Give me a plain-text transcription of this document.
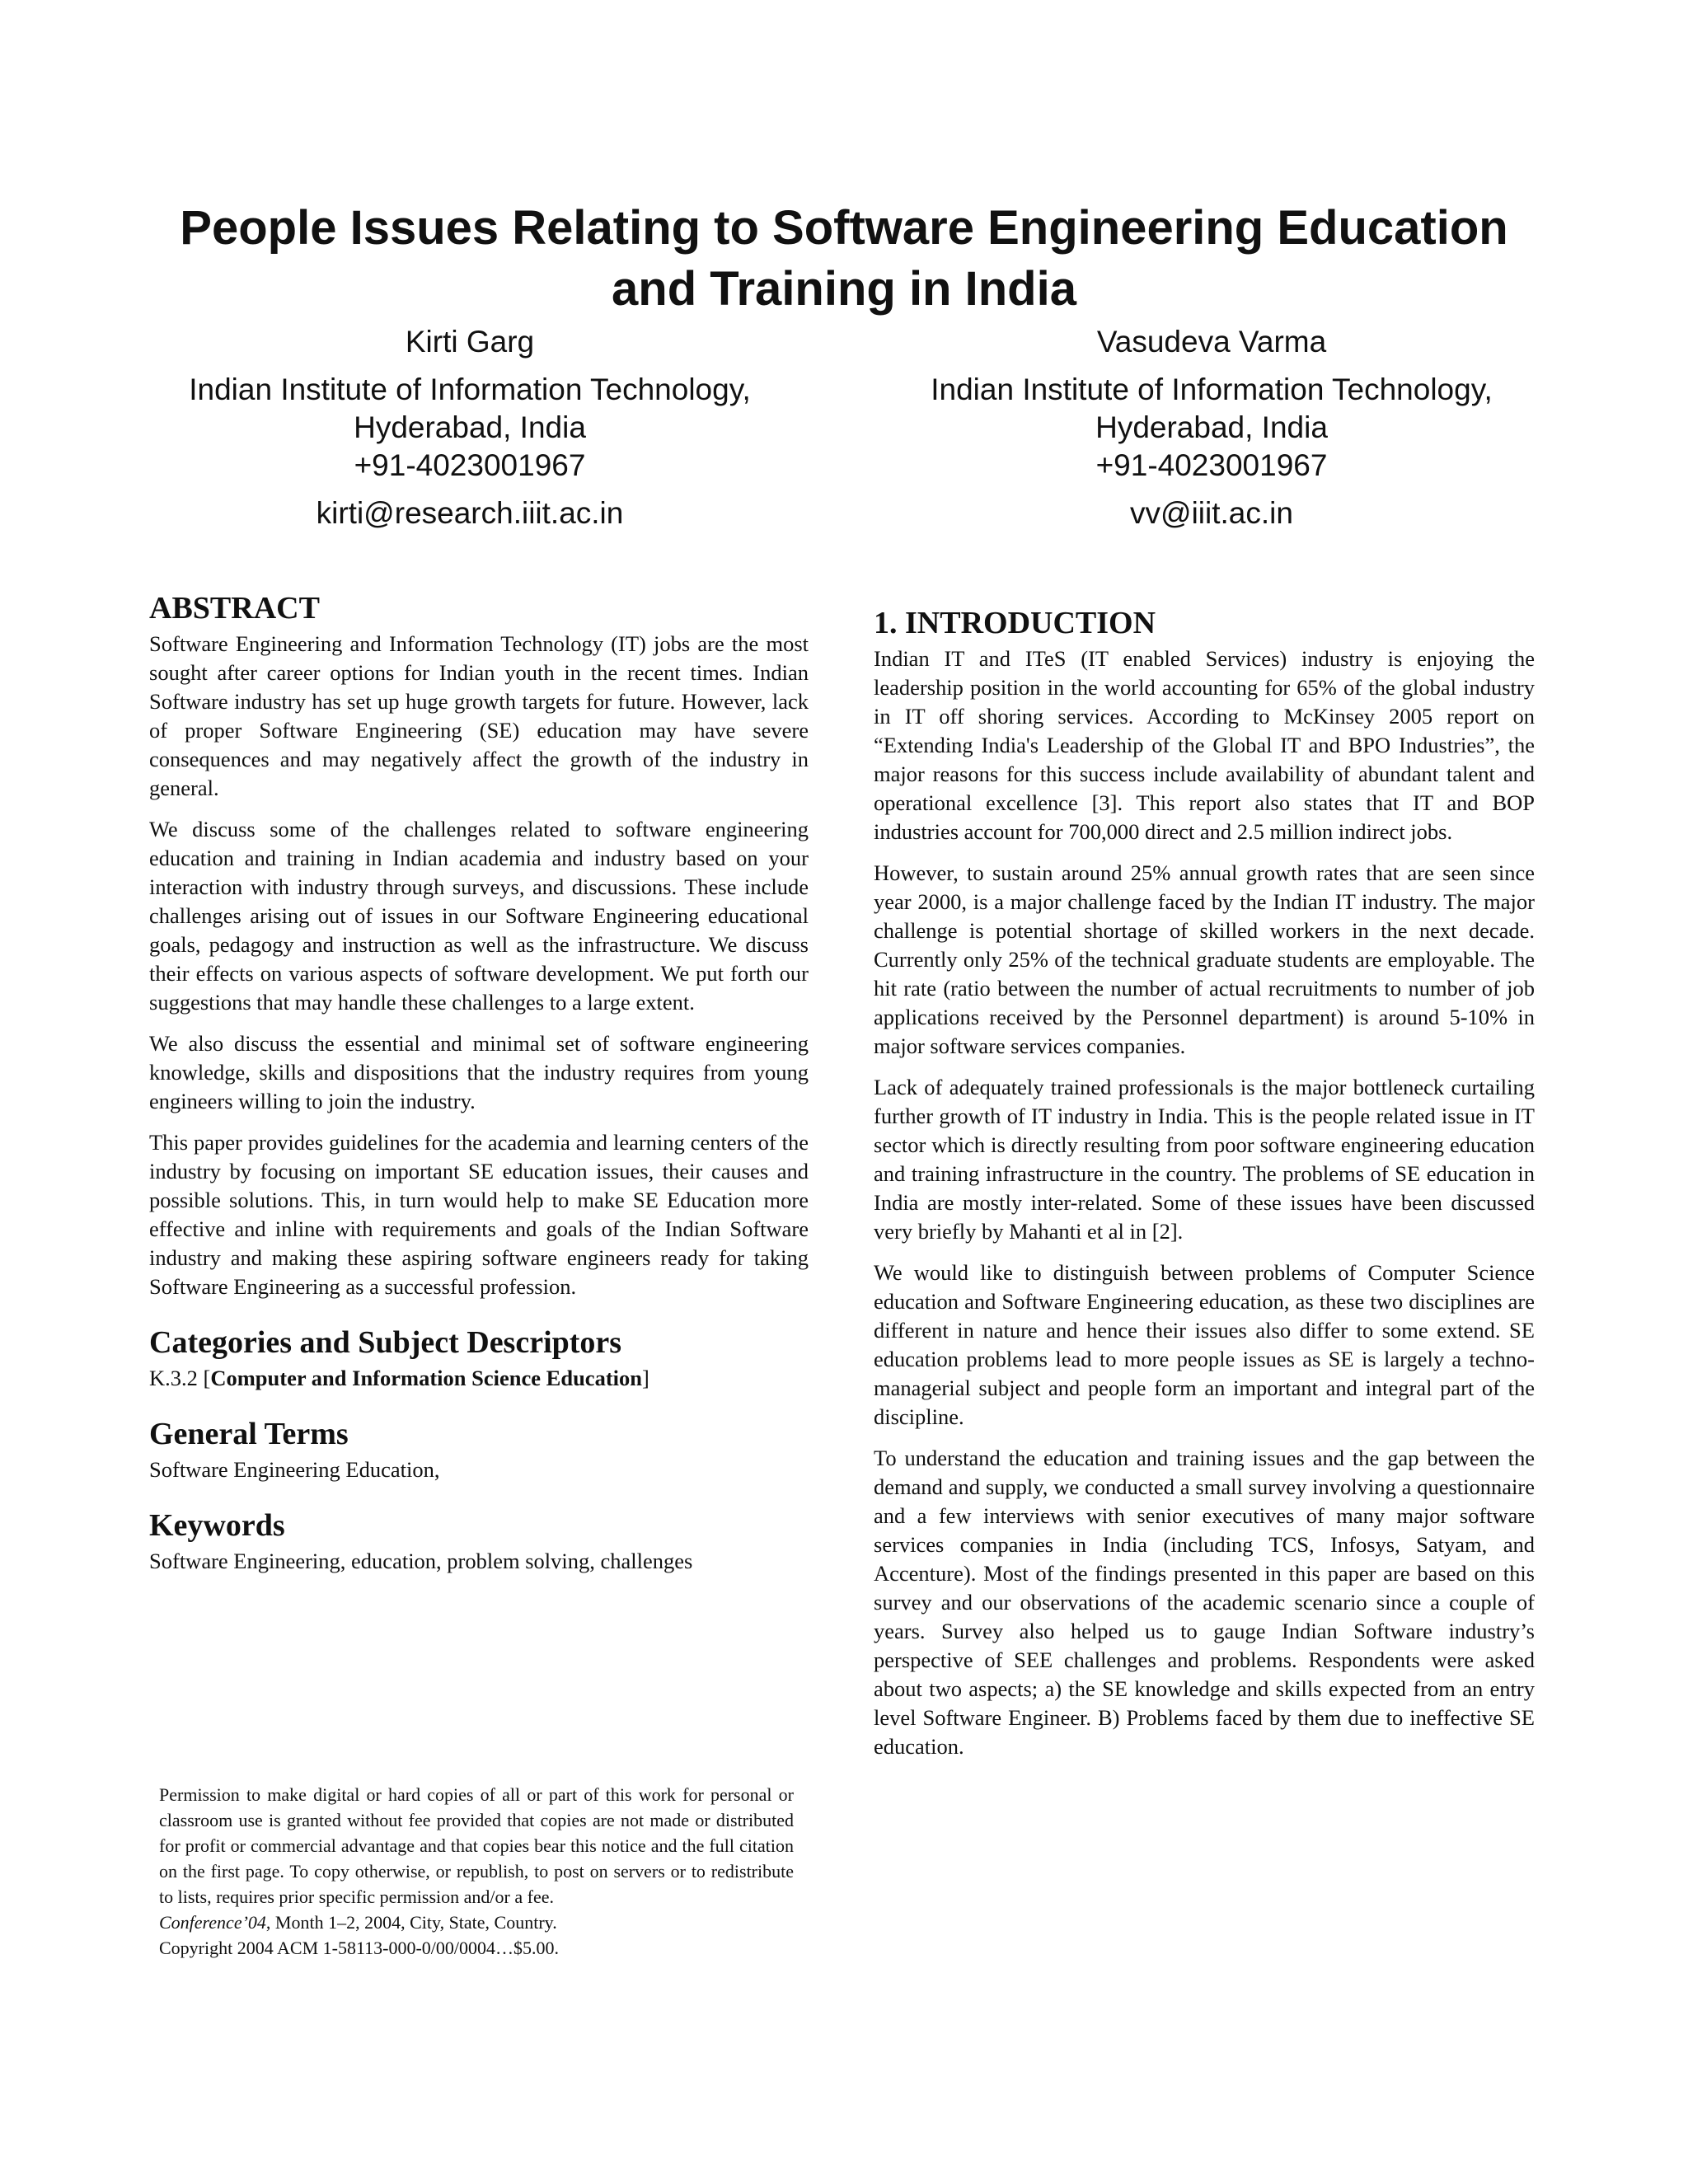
People Issues Relating to Software Engineering Education
and Training in India
Kirti Garg
Indian Institute of Information Technology,
Hyderabad, India
+91-4023001967
kirti@research.iiit.ac.in
Vasudeva Varma
Indian Institute of Information Technology,
Hyderabad, India
+91-4023001967
vv@iiit.ac.in
ABSTRACT

Software Engineering and Information Technology (IT) jobs are the most sought after career options for Indian youth in the recent times. Indian Software industry has set up huge growth targets for future. However, lack of proper Software Engineering (SE) education may have severe consequences and may negatively affect the growth of the industry in general.

We discuss some of the challenges related to software engineering education and training in Indian academia and industry based on your interaction with industry through surveys, and discussions. These include challenges arising out of issues in our Software Engineering educational goals, pedagogy and instruction as well as the infrastructure. We discuss their effects on various aspects of software development. We put forth our suggestions that may handle these challenges to a large extent.

We also discuss the essential and minimal set of software engineering knowledge, skills and dispositions that the industry requires from young engineers willing to join the industry.

This paper provides guidelines for the academia and learning centers of the industry by focusing on important SE education issues, their causes and possible solutions. This, in turn would help to make SE Education more effective and inline with requirements and goals of the Indian Software industry and making these aspiring software engineers ready for taking Software Engineering as a successful profession.

Categories and Subject Descriptors
K.3.2 [Computer and Information Science Education]
General Terms
Software Engineering Education,
Keywords
Software Engineering, education, problem solving, challenges
Permission to make digital or hard copies of all or part of this work for personal or classroom use is granted without fee provided that copies are not made or distributed for profit or commercial advantage and that copies bear this notice and the full citation on the first page. To copy otherwise, or republish, to post on servers or to redistribute to lists, requires prior specific permission and/or a fee.
Conference’04, Month 1–2, 2004, City, State, Country.
Copyright 2004 ACM 1-58113-000-0/00/0004…$5.00.
1. INTRODUCTION

Indian IT and ITeS (IT enabled Services) industry is enjoying the leadership position in the world accounting for 65% of the global industry in IT off shoring services. According to McKinsey 2005 report on “Extending India's Leadership of the Global IT and BPO Industries”, the major reasons for this success include availability of abundant talent and operational excellence [3]. This report also states that IT and BOP industries account for 700,000 direct and 2.5 million indirect jobs.

However, to sustain around 25% annual growth rates that are seen since year 2000, is a major challenge faced by the Indian IT industry. The major challenge is potential shortage of skilled workers in the next decade. Currently only 25% of the technical graduate students are employable. The hit rate (ratio between the number of actual recruitments to number of job applications received by the Personnel department) is around 5-10% in major software services companies.

Lack of adequately trained professionals is the major bottleneck curtailing further growth of IT industry in India. This is the people related issue in IT sector which is directly resulting from poor software engineering education and training infrastructure in the country. The problems of SE education in India are mostly inter-related. Some of these issues have been discussed very briefly by Mahanti et al in [2].

We would like to distinguish between problems of Computer Science education and Software Engineering education, as these two disciplines are different in nature and hence their issues also differ to some extend. SE education problems lead to more people issues as SE is largely a techno-managerial subject and people form an important and integral part of the discipline.

To understand the education and training issues and the gap between the demand and supply, we conducted a small survey involving a questionnaire and a few interviews with senior executives of many major software services companies in India (including TCS, Infosys, Satyam, and Accenture). Most of the findings presented in this paper are based on this survey and our observations of the academic scenario since a couple of years. Survey also helped us to gauge Indian Software industry’s perspective of SEE challenges and problems. Respondents were asked about two aspects; a) the SE knowledge and skills expected from an entry level Software Engineer. B) Problems faced by them due to ineffective SE education.
